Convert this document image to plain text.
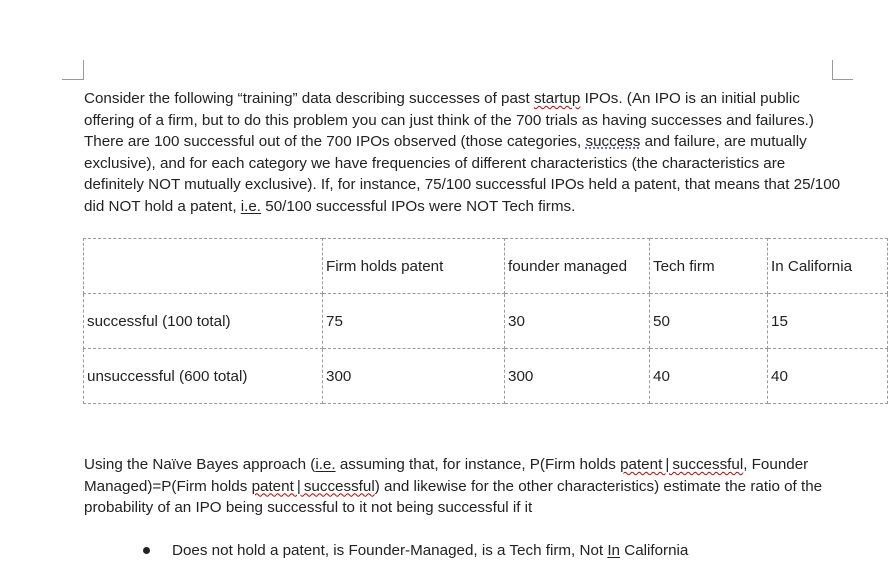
Consider the following “training” data describing successes of past startup IPOs. (An IPO is an initial public offering of a firm, but to do this problem you can just think of the 700 trials as having successes and failures.) There are 100 successful out of the 700 IPOs observed (those categories, success and failure, are mutually exclusive), and for each category we have frequencies of different characteristics (the characteristics are definitely NOT mutually exclusive). If, for instance, 75/100 successful IPOs held a patent, that means that 25/100 did NOT hold a patent, i.e. 50/100 successful IPOs were NOT Tech firms.

	Firm holds patent	founder managed	Tech firm	In California
successful (100 total)	75	30	50	15
unsuccessful (600 total)	300	300	40	40

Using the Naïve Bayes approach (i.e. assuming that, for instance, P(Firm holds patent | successful, Founder Managed)=P(Firm holds patent | successful) and likewise for the other characteristics) estimate the ratio of the probability of an IPO being successful to it not being successful if it

Does not hold a patent, is Founder-Managed, is a Tech firm, Not In California
